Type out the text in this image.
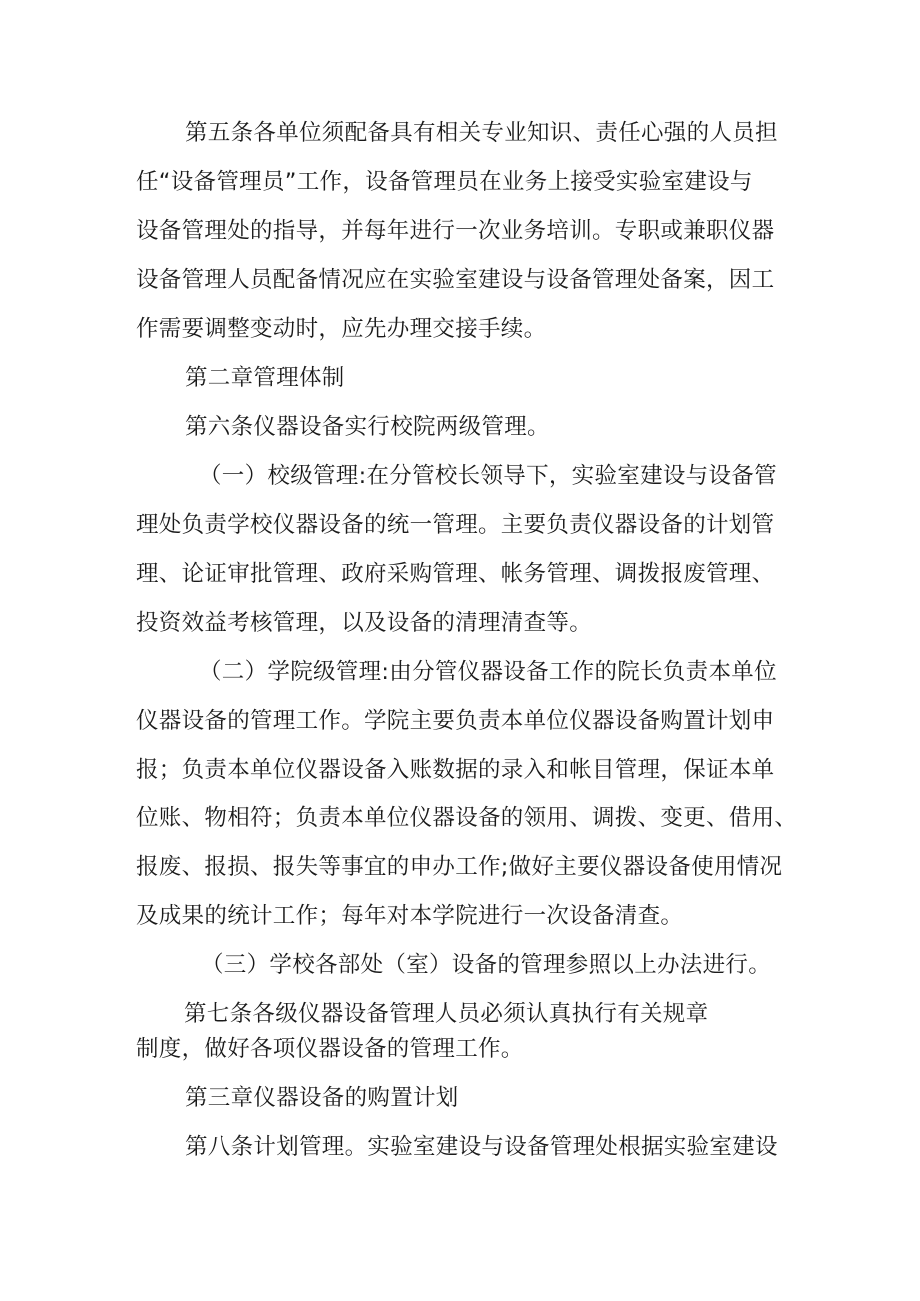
第五条各单位须配备具有相关专业知识、责任心强的人员担
任“设备管理员”工作，设备管理员在业务上接受实验室建设与
设备管理处的指导，并每年进行一次业务培训。专职或兼职仪器
设备管理人员配备情况应在实验室建设与设备管理处备案，因工
作需要调整变动时，应先办理交接手续。
第二章管理体制
第六条仪器设备实行校院两级管理。
（一）校级管理:在分管校长领导下，实验室建设与设备管
理处负责学校仪器设备的统一管理。主要负责仪器设备的计划管
理、论证审批管理、政府采购管理、帐务管理、调拨报废管理、
投资效益考核管理，以及设备的清理清查等。
（二）学院级管理:由分管仪器设备工作的院长负责本单位
仪器设备的管理工作。学院主要负责本单位仪器设备购置计划申
报；负责本单位仪器设备入账数据的录入和帐目管理，保证本单
位账、物相符；负责本单位仪器设备的领用、调拨、变更、借用、
报废、报损、报失等事宜的申办工作;做好主要仪器设备使用情况
及成果的统计工作；每年对本学院进行一次设备清查。
（三）学校各部处（室）设备的管理参照以上办法进行。
第七条各级仪器设备管理人员必须认真执行有关规章
制度，做好各项仪器设备的管理工作。
第三章仪器设备的购置计划
第八条计划管理。实验室建设与设备管理处根据实验室建设
